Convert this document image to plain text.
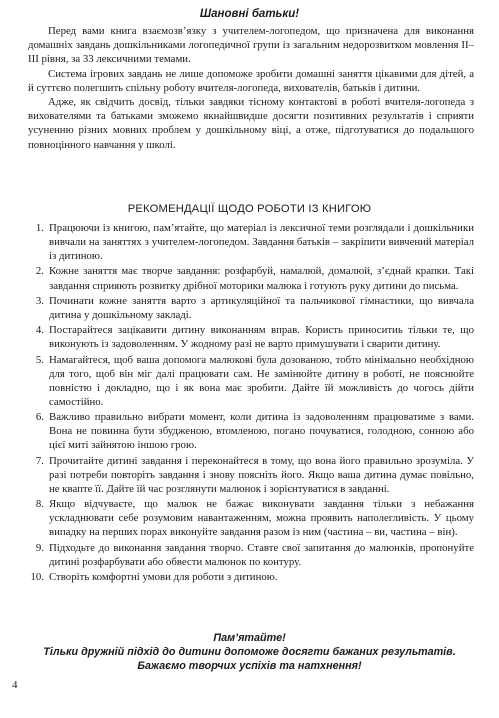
Шановні батьки!

Перед вами книга взаємозв’язку з учителем-логопедом, що призначена для виконання домашніх завдань дошкільниками логопедичної групи із загальним недорозвитком мовлення ІІ–ІІІ рівня, за 33 лексичними темами.

Система ігрових завдань не лише допоможе зробити домашні заняття цікавими для дітей, а й суттєво полегшить спільну роботу вчителя-логопеда, вихователів, батьків і дитини.

Адже, як свідчить досвід, тільки завдяки тісному контактові в роботі вчителя-логопеда з вихователями та батьками зможемо якнайшвидше досягти позитивних результатів і сприяти усуненню різних мовних проблем у дошкільному віці, а отже, підготуватися до подальшого повноцінного навчання у школі.

РЕКОМЕНДАЦІЇ ЩОДО РОБОТИ ІЗ КНИГОЮ
1. Працюючи із книгою, пам’ятайте, що матеріал із лексичної теми розглядали і дошкільники вивчали на заняттях з учителем-логопедом. Завдання батьків – закріпити вивчений матеріал із дитиною.
2. Кожне заняття має творче завдання: розфарбуй, намалюй, домалюй, з’єднай крапки. Такі завдання сприяють розвитку дрібної моторики малюка і готують руку дитини до письма.
3. Починати кожне заняття варто з артикуляційної та пальчикової гімнастики, що вивчала дитина у дошкільному закладі.
4. Постарайтеся зацікавити дитину виконанням вправ. Користь приноситиь тільки те, що виконують із задоволенням. У жодному разі не варто примушувати і сварити дитину.
5. Намагайтеся, щоб ваша допомога малюкові була дозованою, тобто мінімально необхідною для того, щоб він міг далі працювати сам. Не замінюйте дитину в роботі, не пояснюйте повністю і докладно, що і як вона має зробити. Дайте їй можливість до чогось дійти самостійно.
6. Важливо правильно вибрати момент, коли дитина із задоволенням працюватиме з вами. Вона не повинна бути збудженою, втомленою, погано почуватися, голодною, сонною або цієї миті зайнятою іншою грою.
7. Прочитайте дитині завдання і переконайтеся в тому, що вона його правильно зрозуміла. У разі потреби повторіть завдання і знову поясніть його. Якщо ваша дитина думає повільно, не квапте її. Дайте їй час розглянути малюнок і зорієнтуватися в завданні.
8. Якщо відчуваєте, що малюк не бажає виконувати завдання тільки з небажання ускладнювати себе розумовим навантаженням, можна проявить наполегливість. У цьому випадку на перших порах виконуйте завдання разом із ним (частина – ви, частина – він).
9. Підходьте до виконання завдання творчо. Ставте свої запитання до малюнків, пропонуйте дитині розфарбувати або обвести малюнок по контуру.
10. Створіть комфортні умови для роботи з дитиною.
Пам’ятайте!
Тільки дружній підхід до дитини допоможе досягти бажаних результатів.
Бажаємо творчих успіхів та натхнення!
4
